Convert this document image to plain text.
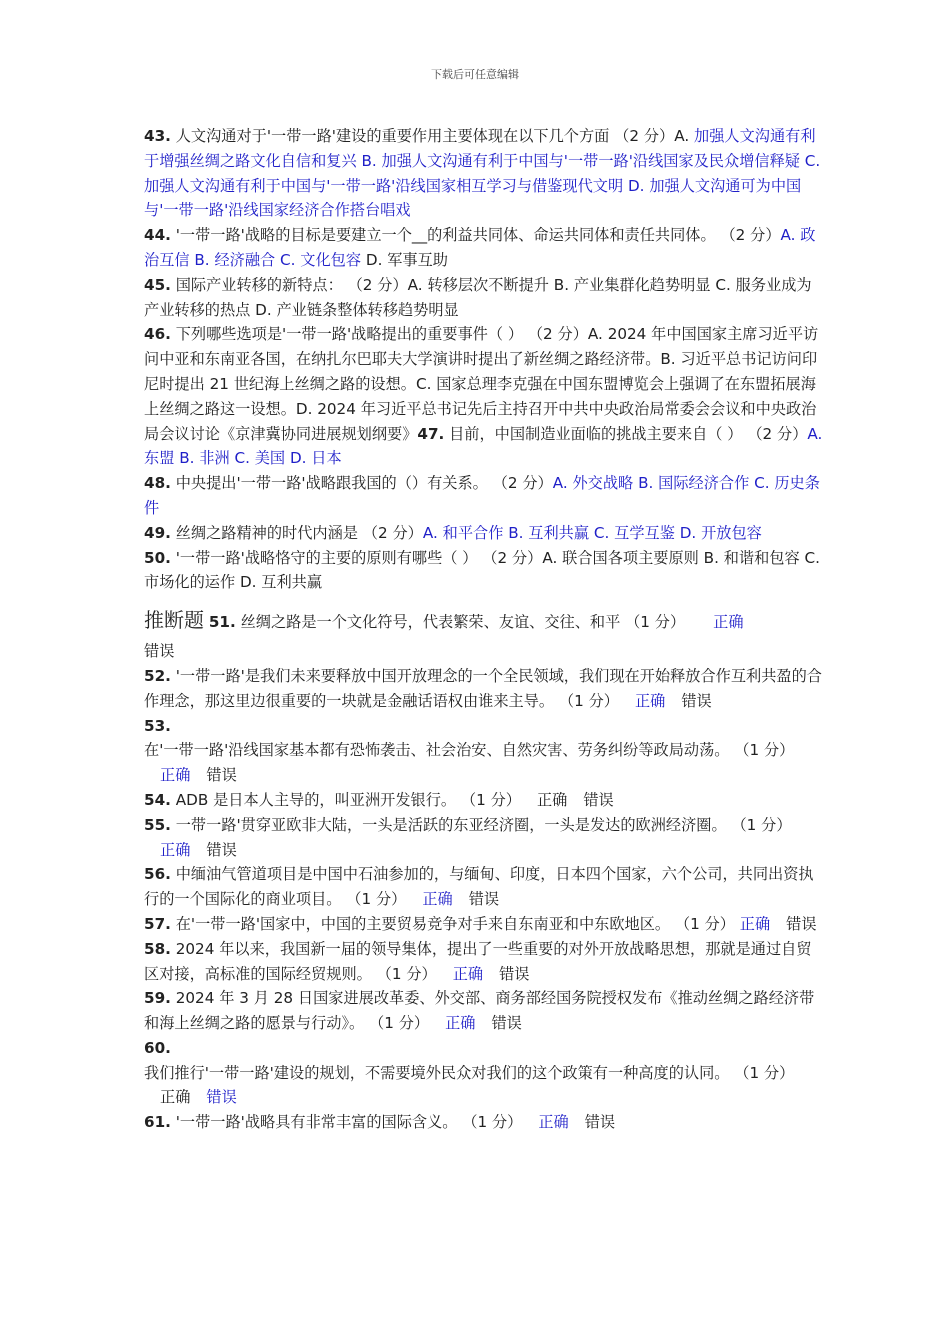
下载后可任意编辑

43. 人文沟通对于'一带一路'建设的重要作用主要体现在以下几个方面 （2 分）A. 加强人文沟通有利于增强丝绸之路文化自信和复兴 B. 加强人文沟通有利于中国与'一带一路'沿线国家及民众增信释疑 C. 加强人文沟通有利于中国与'一带一路'沿线国家相互学习与借鉴现代文明 D. 加强人文沟通可为中国与'一带一路'沿线国家经济合作搭台唱戏

44. '一带一路'战略的目标是要建立一个__的利益共同体、命运共同体和责任共同体。 （2 分）A. 政治互信 B. 经济融合 C. 文化包容 D. 军事互助

45. 国际产业转移的新特点： （2 分）A. 转移层次不断提升 B. 产业集群化趋势明显 C. 服务业成为产业转移的热点 D. 产业链条整体转移趋势明显

46. 下列哪些选项是'一带一路'战略提出的重要事件（ ） （2 分）A. 2024 年中国国家主席习近平访问中亚和东南亚各国，在纳扎尔巴耶夫大学演讲时提出了新丝绸之路经济带。B. 习近平总书记访问印尼时提出 21 世纪海上丝绸之路的设想。C. 国家总理李克强在中国东盟博览会上强调了在东盟拓展海上丝绸之路这一设想。D. 2024 年习近平总书记先后主持召开中共中央政治局常委会会议和中央政治局会议讨论《京津冀协同进展规划纲要》47. 目前，中国制造业面临的挑战主要来自（ ） （2 分）A. 东盟 B. 非洲 C. 美国 D. 日本

48. 中央提出'一带一路'战略跟我国的（）有关系。 （2 分）A. 外交战略 B. 国际经济合作 C. 历史条件

49. 丝绸之路精神的时代内涵是 （2 分）A. 和平合作 B. 互利共赢 C. 互学互鉴 D. 开放包容

50. '一带一路'战略恪守的主要的原则有哪些（ ） （2 分）A. 联合国各项主要原则 B. 和谐和包容 C. 市场化的运作 D. 互利共赢

推断题 51. 丝绸之路是一个文化符号，代表繁荣、友谊、交往、和平 （1 分） 正确

错误

52. '一带一路'是我们未来要释放中国开放理念的一个全民领域，我们现在开始释放合作互利共盈的合作理念，那这里边很重要的一块就是金融话语权由谁来主导。 （1 分） 正确 错误

53. 在'一带一路'沿线国家基本都有恐怖袭击、社会治安、自然灾害、劳务纠纷等政局动荡。 （1 分）正确 错误

54. ADB 是日本人主导的，叫亚洲开发银行。 （1 分） 正确 错误

55. 一带一路'贯穿亚欧非大陆，一头是活跃的东亚经济圈，一头是发达的欧洲经济圈。 （1 分）正确 错误

56. 中缅油气管道项目是中国中石油参加的，与缅甸、印度，日本四个国家，六个公司，共同出资执行的一个国际化的商业项目。 （1 分） 正确 错误

57. 在'一带一路'国家中，中国的主要贸易竞争对手来自东南亚和中东欧地区。 （1 分） 正确 错误

58. 2024 年以来，我国新一届的领导集体，提出了一些重要的对外开放战略思想，那就是通过自贸区对接，高标准的国际经贸规则。 （1 分） 正确 错误

59. 2024 年 3 月 28 日国家进展改革委、外交部、商务部经国务院授权发布《推动丝绸之路经济带和海上丝绸之路的愿景与行动》。 （1 分） 正确 错误

60. 我们推行'一带一路'建设的规划，不需要境外民众对我们的这个政策有一种高度的认同。 （1 分）正确 错误

61. '一带一路'战略具有非常丰富的国际含义。 （1 分） 正确 错误
